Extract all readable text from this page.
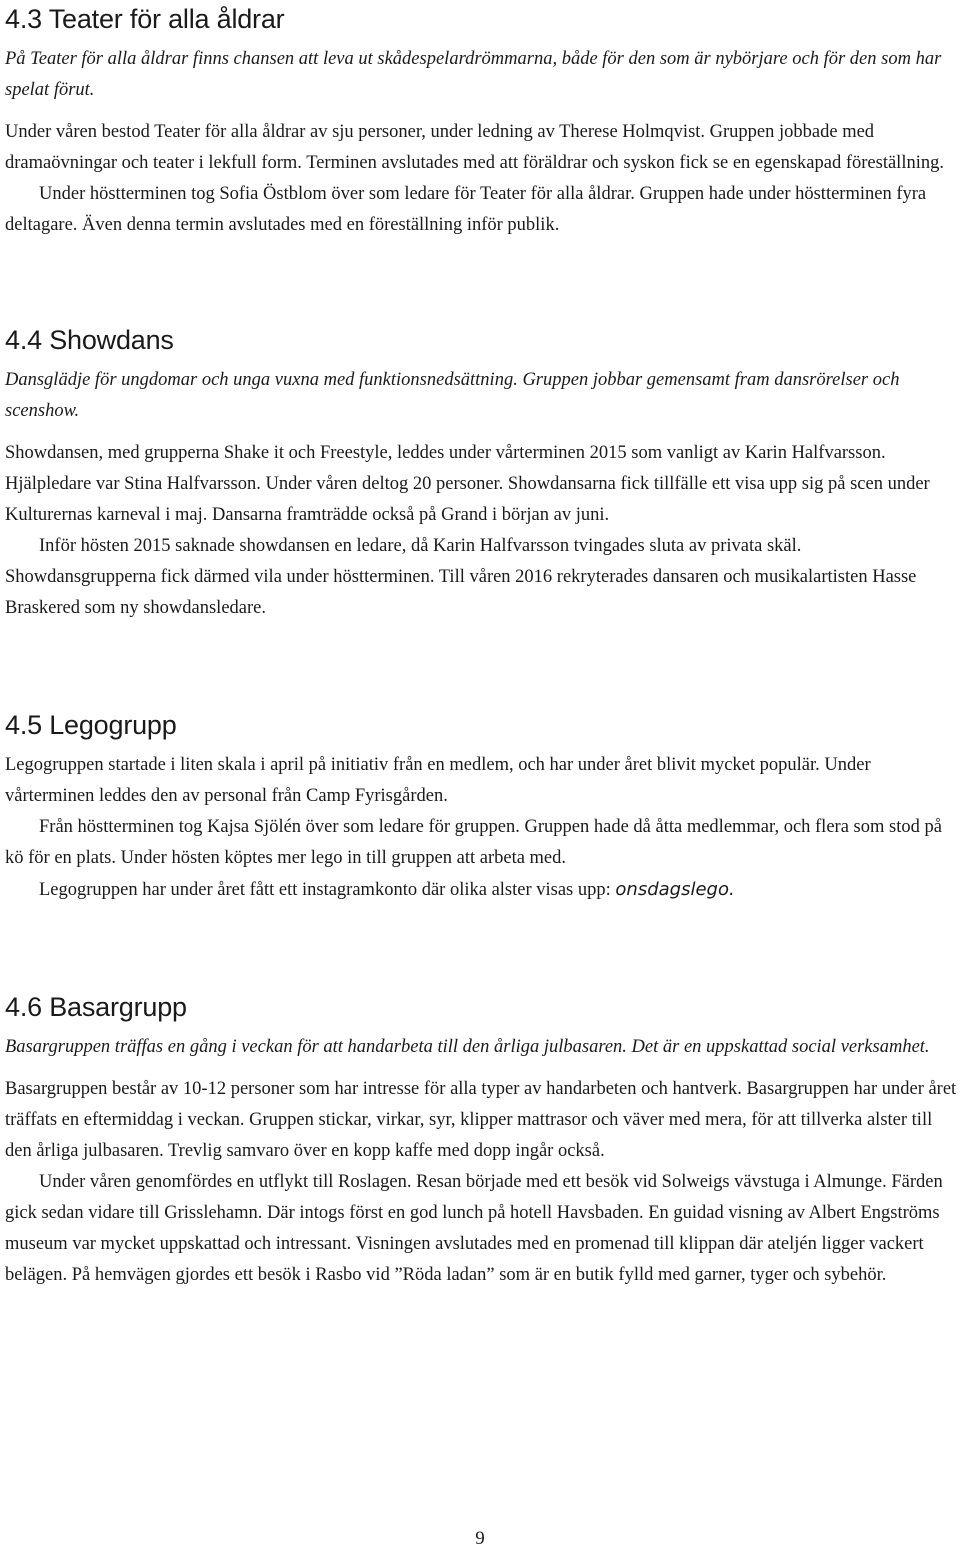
4.3 Teater för alla åldrar

På Teater för alla åldrar finns chansen att leva ut skådespelardrömmarna, både för den som är nybörjare och för den som har spelat förut.

Under våren bestod Teater för alla åldrar av sju personer, under ledning av Therese Holmqvist. Gruppen jobbade med dramaövningar och teater i lekfull form. Terminen avslutades med att föräldrar och syskon fick se en egenskapad föreställning.

Under höstterminen tog Sofia Östblom över som ledare för Teater för alla åldrar. Gruppen hade under höstterminen fyra deltagare. Även denna termin avslutades med en föreställning inför publik.

4.4 Showdans

Dansglädje för ungdomar och unga vuxna med funktionsnedsättning. Gruppen jobbar gemensamt fram dansrörelser och scenshow.

Showdansen, med grupperna Shake it och Freestyle, leddes under vårterminen 2015 som vanligt av Karin Halfvarsson. Hjälpledare var Stina Halfvarsson. Under våren deltog 20 personer. Showdansarna fick tillfälle ett visa upp sig på scen under Kulturernas karneval i maj. Dansarna framträdde också på Grand i början av juni.

Inför hösten 2015 saknade showdansen en ledare, då Karin Halfvarsson tvingades sluta av privata skäl. Showdansgrupperna fick därmed vila under höstterminen. Till våren 2016 rekryterades dansaren och musikalartisten Hasse Braskered som ny showdansledare.

4.5 Legogrupp

Legogruppen startade i liten skala i april på initiativ från en medlem, och har under året blivit mycket populär. Under vårterminen leddes den av personal från Camp Fyrisgården.

Från höstterminen tog Kajsa Sjölén över som ledare för gruppen. Gruppen hade då åtta medlemmar, och flera som stod på kö för en plats. Under hösten köptes mer lego in till gruppen att arbeta med.

Legogruppen har under året fått ett instagramkonto där olika alster visas upp: onsdagslego.

4.6 Basargrupp

Basargruppen träffas en gång i veckan för att handarbeta till den årliga julbasaren. Det är en uppskattad social verksamhet.

Basargruppen består av 10-12 personer som har intresse för alla typer av handarbeten och hantverk. Basargruppen har under året träffats en eftermiddag i veckan. Gruppen stickar, virkar, syr, klipper mattrasor och väver med mera, för att tillverka alster till den årliga julbasaren. Trevlig samvaro över en kopp kaffe med dopp ingår också.

Under våren genomfördes en utflykt till Roslagen. Resan började med ett besök vid Solweigs vävstuga i Almunge. Färden gick sedan vidare till Grisslehamn. Där intogs först en god lunch på hotell Havsbaden. En guidad visning av Albert Engströms museum var mycket uppskattad och intressant. Visningen avslutades med en promenad till klippan där ateljén ligger vackert belägen. På hemvägen gjordes ett besök i Rasbo vid ”Röda ladan” som är en butik fylld med garner, tyger och sybehör.

9
